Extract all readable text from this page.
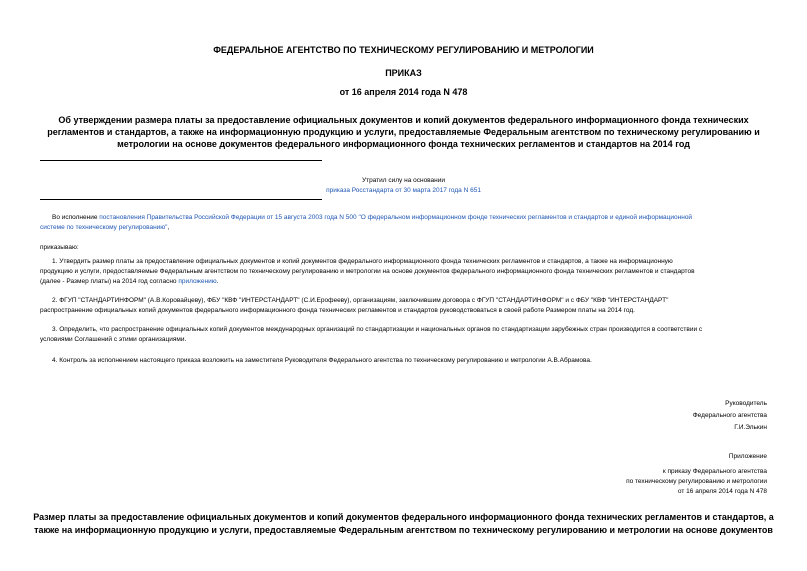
ФЕДЕРАЛЬНОЕ АГЕНТСТВО ПО ТЕХНИЧЕСКОМУ РЕГУЛИРОВАНИЮ И МЕТРОЛОГИИ
ПРИКАЗ
от 16 апреля 2014 года N 478
Об утверждении размера платы за предоставление официальных документов и копий документов федерального информационного фонда технических
регламентов и стандартов, а также на информационную продукцию и услуги, предоставляемые Федеральным агентством по техническому регулированию и
метрологии на основе документов федерального информационного фонда технических регламентов и стандартов на 2014 год
Утратил силу на основании
приказа Росстандарта от 30 марта 2017 года N 651
Во исполнение постановления Правительства Российской Федерации от 15 августа 2003 года N 500 "О федеральном информационном фонде технических регламентов и стандартов и единой информационной
системе по техническому регулированию",
приказываю:
1. Утвердить размер платы за предоставление официальных документов и копий документов федерального информационного фонда технических регламентов и стандартов, а также на информационную
продукцию и услуги, предоставляемые Федеральным агентством по техническому регулированию и метрологии на основе документов федерального информационного фонда технических регламентов и стандартов
(далее - Размер платы) на 2014 год согласно приложению.
2. ФГУП "СТАНДАРТИНФОРМ" (А.В.Коровайцеву), ФБУ "КВФ "ИНТЕРСТАНДАРТ" (С.И.Ерофееву), организациям, заключившим договора с ФГУП "СТАНДАРТИНФОРМ" и с ФБУ "КВФ "ИНТЕРСТАНДАРТ"
распространение официальных копий документов федерального информационного фонда технических регламентов и стандартов руководствоваться в своей работе Размером платы на 2014 год.
3. Определить, что распространение официальных копий документов международных организаций по стандартизации и национальных органов по стандартизации зарубежных стран производится в соответствии с
условиями Соглашений с этими организациями.
4. Контроль за исполнением настоящего приказа возложить на заместителя Руководителя Федерального агентства по техническому регулированию и метрологии А.В.Абрамова.
Руководитель
Федерального агентства
Г.И.Элькин
Приложение
к приказу Федерального агентства
по техническому регулированию и метрологии
от 16 апреля 2014 года N 478
Размер платы за предоставление официальных документов и копий документов федерального информационного фонда технических регламентов и стандартов, а
также на информационную продукцию и услуги, предоставляемые Федеральным агентством по техническому регулированию и метрологии на основе документов
